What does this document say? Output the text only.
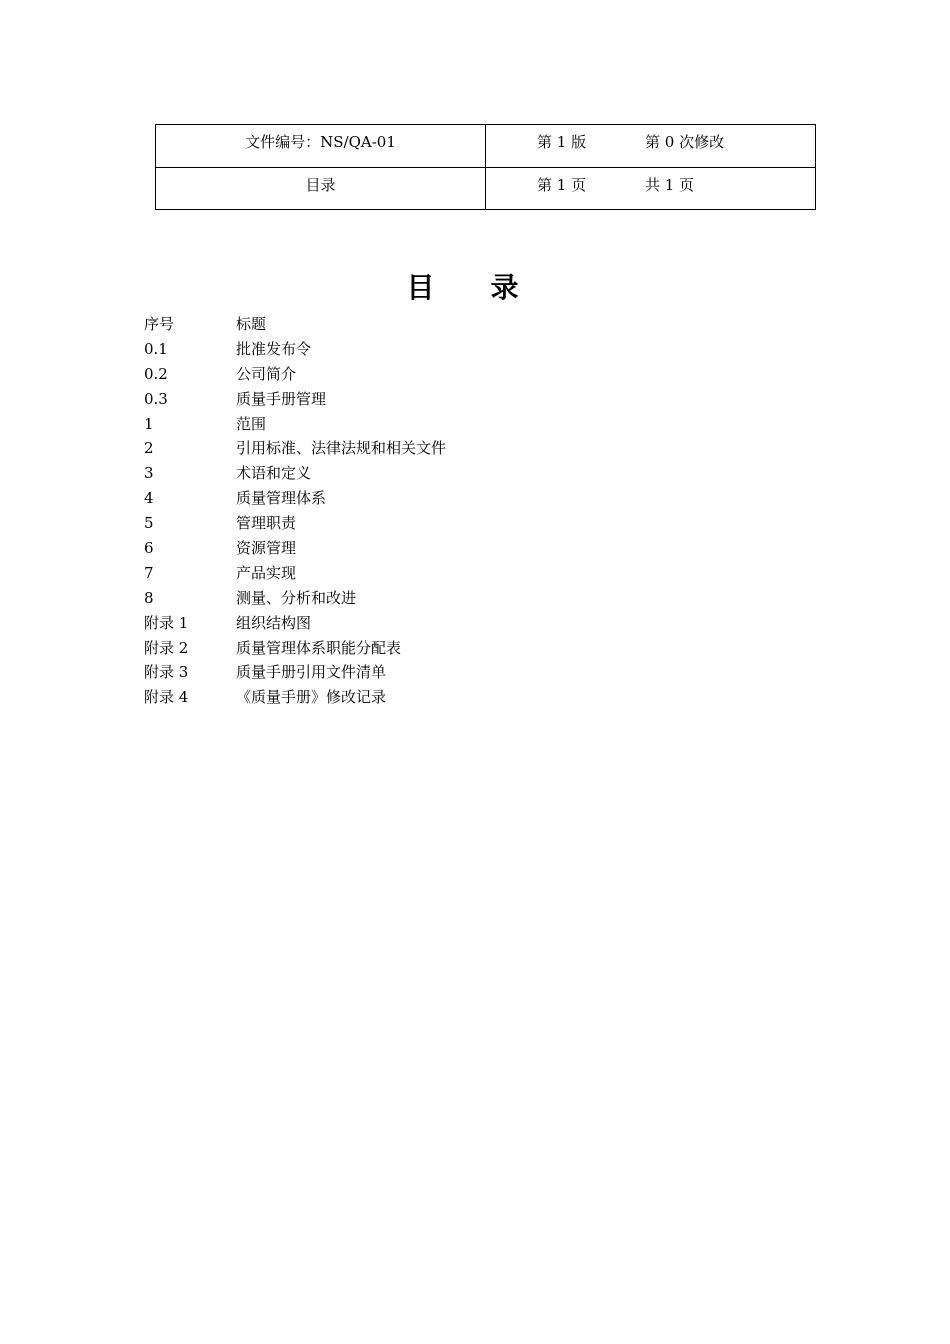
文件编号：NS/QA-01	第 1 版 第 0 次修改

目录	第 1 页 共 1 页
目录
序号	标题
0.1	批准发布令
0.2	公司简介
0.3	质量手册管理
1	范围
2	引用标准、法律法规和相关文件
3	术语和定义
4	质量管理体系
5	管理职责
6	资源管理
7	产品实现
8	测量、分析和改进
附录 1	组织结构图
附录 2	质量管理体系职能分配表
附录 3	质量手册引用文件清单
附录 4	《质量手册》修改记录
